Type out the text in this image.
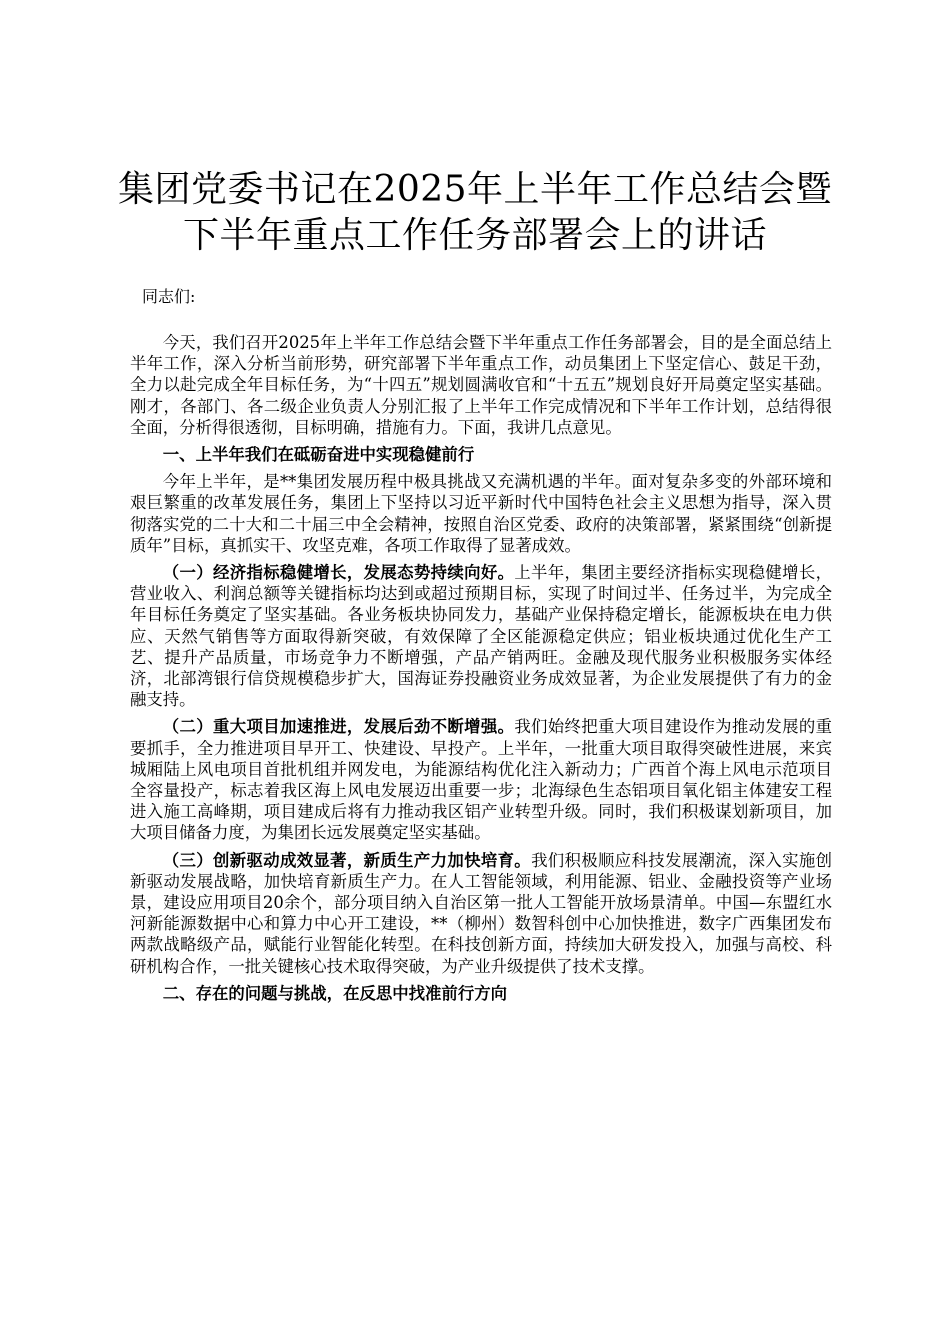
集团党委书记在2025年上半年工作总结会暨
下半年重点工作任务部署会上的讲话

同志们:

今天，我们召开2025年上半年工作总结会暨下半年重点工作任务部署会，目的是全面总结上半年工作，深入分析当前形势，研究部署下半年重点工作，动员集团上下坚定信心、鼓足干劲，全力以赴完成全年目标任务，为“十四五”规划圆满收官和“十五五”规划良好开局奠定坚实基础。刚才，各部门、各二级企业负责人分别汇报了上半年工作完成情况和下半年工作计划，总结得很全面，分析得很透彻，目标明确，措施有力。下面，我讲几点意见。

一、上半年我们在砥砺奋进中实现稳健前行

今年上半年，是**集团发展历程中极具挑战又充满机遇的半年。面对复杂多变的外部环境和艰巨繁重的改革发展任务，集团上下坚持以习近平新时代中国特色社会主义思想为指导，深入贯彻落实党的二十大和二十届三中全会精神，按照自治区党委、政府的决策部署，紧紧围绕“创新提质年”目标，真抓实干、攻坚克难，各项工作取得了显著成效。

（一）经济指标稳健增长，发展态势持续向好。上半年，集团主要经济指标实现稳健增长，营业收入、利润总额等关键指标均达到或超过预期目标，实现了时间过半、任务过半，为完成全年目标任务奠定了坚实基础。各业务板块协同发力，基础产业保持稳定增长，能源板块在电力供应、天然气销售等方面取得新突破，有效保障了全区能源稳定供应；铝业板块通过优化生产工艺、提升产品质量，市场竞争力不断增强，产品产销两旺。金融及现代服务业积极服务实体经济，北部湾银行信贷规模稳步扩大，国海证券投融资业务成效显著，为企业发展提供了有力的金融支持。

（二）重大项目加速推进，发展后劲不断增强。我们始终把重大项目建设作为推动发展的重要抓手，全力推进项目早开工、快建设、早投产。上半年，一批重大项目取得突破性进展，来宾城厢陆上风电项目首批机组并网发电，为能源结构优化注入新动力；广西首个海上风电示范项目全容量投产，标志着我区海上风电发展迈出重要一步；北海绿色生态铝项目氧化铝主体建安工程进入施工高峰期，项目建成后将有力推动我区铝产业转型升级。同时，我们积极谋划新项目，加大项目储备力度，为集团长远发展奠定坚实基础。

（三）创新驱动成效显著，新质生产力加快培育。我们积极顺应科技发展潮流，深入实施创新驱动发展战略，加快培育新质生产力。在人工智能领域，利用能源、铝业、金融投资等产业场景，建设应用项目20余个，部分项目纳入自治区第一批人工智能开放场景清单。中国—东盟红水河新能源数据中心和算力中心开工建设，**（柳州）数智科创中心加快推进，数字广西集团发布两款战略级产品，赋能行业智能化转型。在科技创新方面，持续加大研发投入，加强与高校、科研机构合作，一批关键核心技术取得突破，为产业升级提供了技术支撑。

二、存在的问题与挑战，在反思中找准前行方向
